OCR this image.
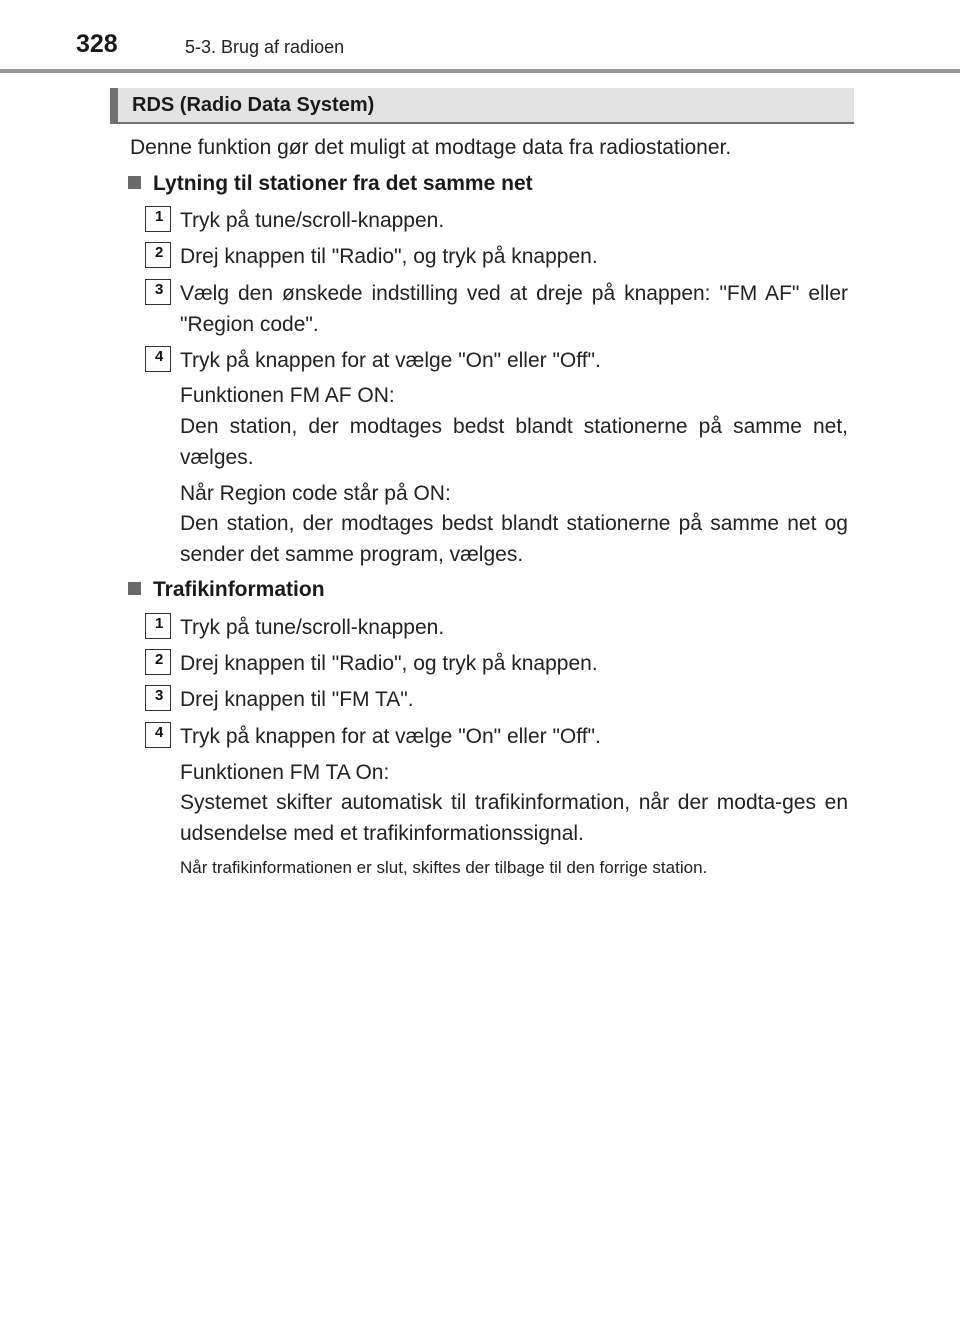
328	5-3. Brug af radioen
RDS (Radio Data System)
Denne funktion gør det muligt at modtage data fra radiostationer.
Lytning til stationer fra det samme net
1 Tryk på tune/scroll-knappen.
2 Drej knappen til "Radio", og tryk på knappen.
3 Vælg den ønskede indstilling ved at dreje på knappen: "FM AF" eller "Region code".
4 Tryk på knappen for at vælge "On" eller "Off".
Funktionen FM AF ON:
Den station, der modtages bedst blandt stationerne på samme net, vælges.
Når Region code står på ON:
Den station, der modtages bedst blandt stationerne på samme net og sender det samme program, vælges.
Trafikinformation
1 Tryk på tune/scroll-knappen.
2 Drej knappen til "Radio", og tryk på knappen.
3 Drej knappen til "FM TA".
4 Tryk på knappen for at vælge "On" eller "Off".
Funktionen FM TA On:
Systemet skifter automatisk til trafikinformation, når der modta-ges en udsendelse med et trafikinformationssignal.
Når trafikinformationen er slut, skiftes der tilbage til den forrige station.
